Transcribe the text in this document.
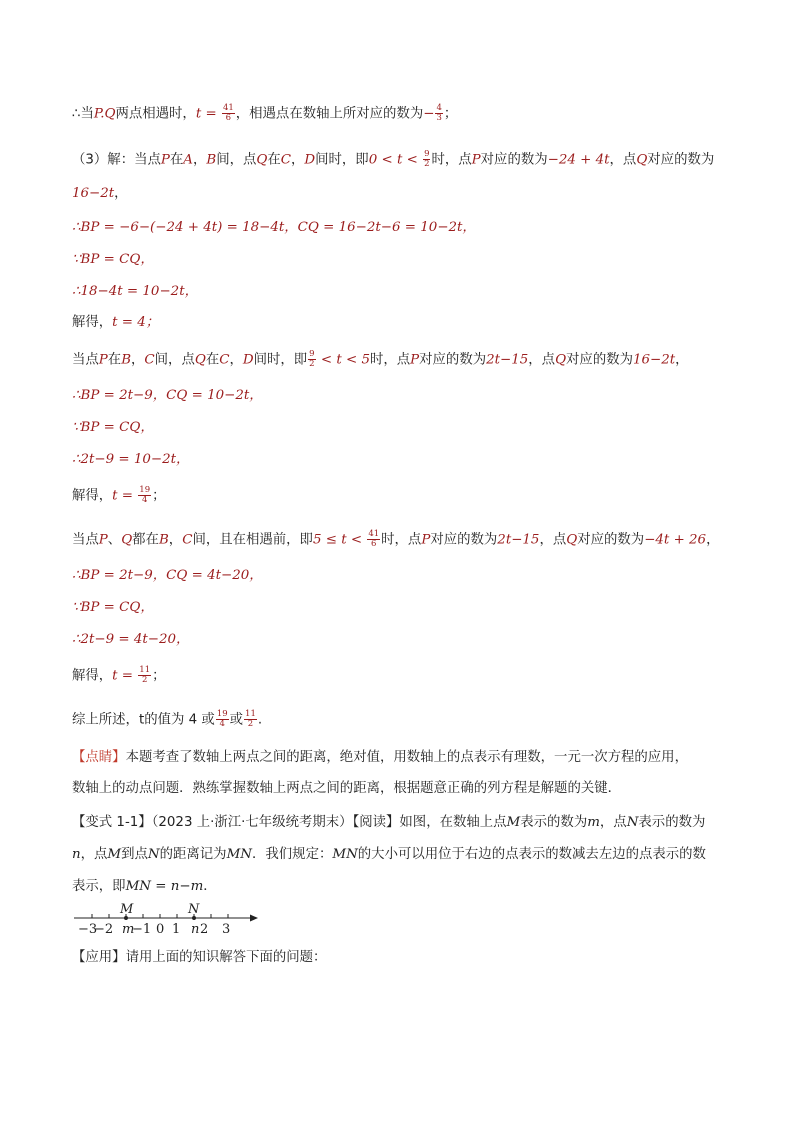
∴当P.Q两点相遇时，$t = \frac{41}{6}$ ，相遇点在数轴上所对应的数为− $\frac{4}{3}$ ；
（3）解：当点P在A，B间，点Q在C，D间时，即$0 < t < \frac{9}{2}$ 时，点P对应的数为−24 + 4t，点Q对应的数为
16−2t，
∴BP = −6−(−24 + 4t) = 18−4t，CQ = 16−2t−6 = 10−2t，
∵BP = CQ，
∴18−4t = 10−2t，
解得，t = 4；
当点P在B，C间，点Q在C，D间时，即 $\frac{9}{2} < t < 5$时，点P对应的数为2t−15，点Q对应的数为16−2t，
∴BP = 2t−9，CQ = 10−2t，
∵BP = CQ，
∴2t−9 = 10−2t，
解得，$t = \frac{19}{4}$ ；
当点P、Q都在B，C间，且在相遇前，即$5 \le t < \frac{41}{6}$ 时，点P对应的数为2t−15，点Q对应的数为−4t + 26，
∴BP = 2t−9，CQ = 4t−20，
∵BP = CQ，
∴2t−9 = 4t−20，
解得，$t = \frac{11}{2}$ ；
综上所述，t的值为 4 或 $\frac{19}{4}$ 或 $\frac{11}{2}$ .
【点睛】本题考查了数轴上两点之间的距离，绝对值，用数轴上的点表示有理数，一元一次方程的应用，
数轴上的动点问题．熟练掌握数轴上两点之间的距离，根据题意正确的列方程是解题的关键．
【变式 1-1】（2023 上·浙江·七年级统考期末）【阅读】如图，在数轴上点M表示的数为m，点N表示的数为
n，点M到点N的距离记为MN．我们规定：MN的大小可以用位于右边的点表示的数减去左边的点表示的数
表示，即MN = n−m．
−3
−2 −1 0 1 2 3
M	N
m	n
【应用】请用上面的知识解答下面的问题：
